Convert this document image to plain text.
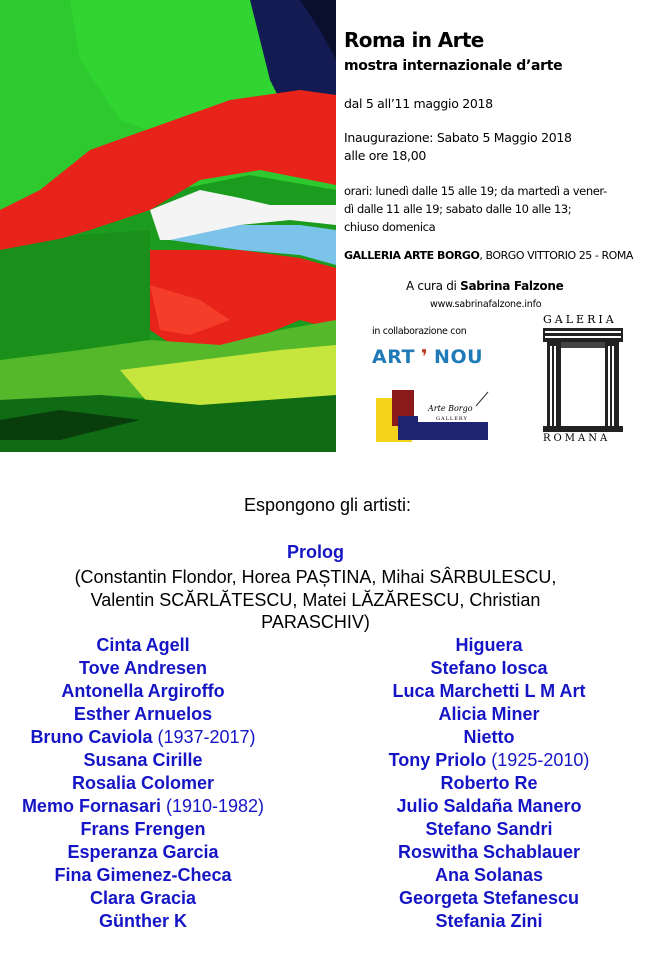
Roma in Arte
mostra internazionale d’arte
dal 5 all’11 maggio 2018
Inaugurazione: Sabato 5 Maggio 2018
alle ore 18,00
orari: lunedì dalle 15 alle 19; da martedì a vener-
dì dalle 11 alle 19; sabato dalle 10 alle 13;
chiuso domenica
GALLERIA ARTE BORGO, BORGO VITTORIO 25 - ROMA
A cura di Sabrina Falzone
www.sabrinafalzone.info
in collaborazione con
ART ❜ NOU
Arte Borgo
GALLERY
GALERIA
ROMANA
Espongono gli artisti:
Prolog
(Constantin Flondor, Horea PAȘTINA, Mihai SÂRBULESCU,
Valentin SCĂRLĂTESCU, Matei LĂZĂRESCU, Christian
PARASCHIV)
Cinta Agell
Tove Andresen
Antonella Argiroffo
Esther Arnuelos
Bruno Caviola (1937-2017)
Susana Cirille
Rosalia Colomer
Memo Fornasari (1910-1982)
Frans Frengen
Esperanza Garcia
Fina Gimenez-Checa
Clara Gracia
Günther K
Higuera
Stefano Iosca
Luca Marchetti L M Art
Alicia Miner
Nietto
Tony Priolo (1925-2010)
Roberto Re
Julio Saldaña Manero
Stefano Sandri
Roswitha Schablauer
Ana Solanas
Georgeta Stefanescu
Stefania Zini
